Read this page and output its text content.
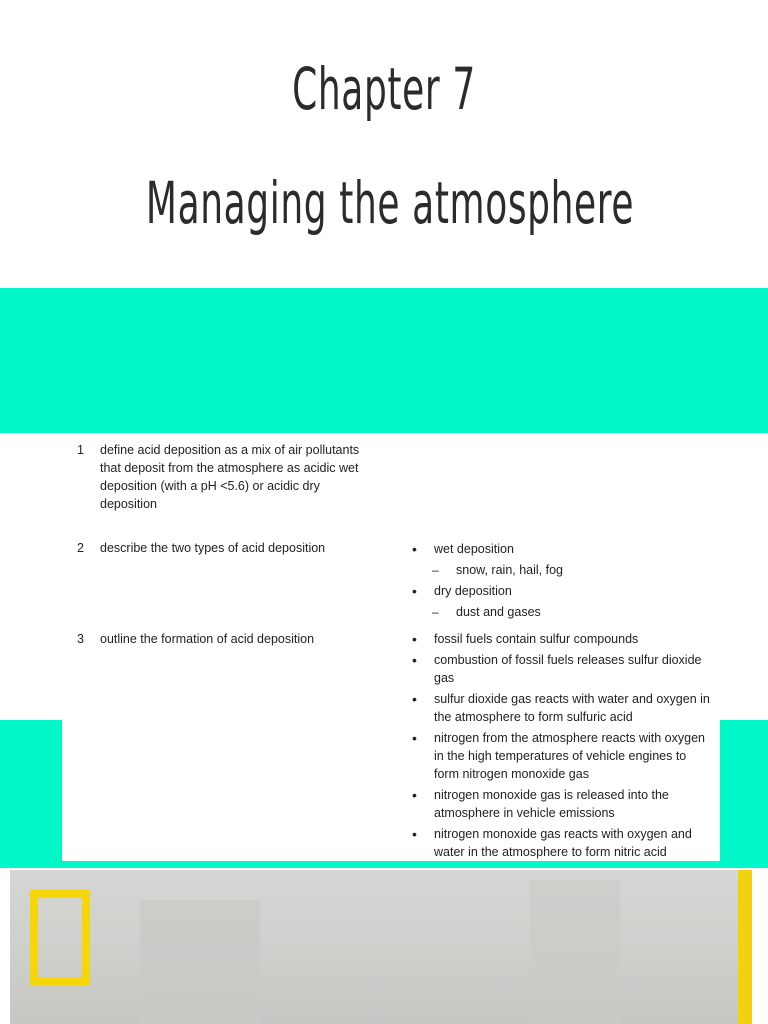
Chapter 7
Managing the atmosphere
1	define acid deposition as a mix of air pollutants that deposit from the atmosphere as acidic wet deposition (with a pH <5.6) or acidic dry deposition
2	describe the two types of acid deposition	• wet deposition
– snow, rain, hail, fog
• dry deposition
– dust and gases
3	outline the formation of acid deposition	• fossil fuels contain sulfur compounds
• combustion of fossil fuels releases sulfur dioxide gas
• sulfur dioxide gas reacts with water and oxygen in the atmosphere to form sulfuric acid
• nitrogen from the atmosphere reacts with oxygen in the high temperatures of vehicle engines to form nitrogen monoxide gas
• nitrogen monoxide gas is released into the atmosphere in vehicle emissions
• nitrogen monoxide gas reacts with oxygen and water in the atmosphere to form nitric acid
